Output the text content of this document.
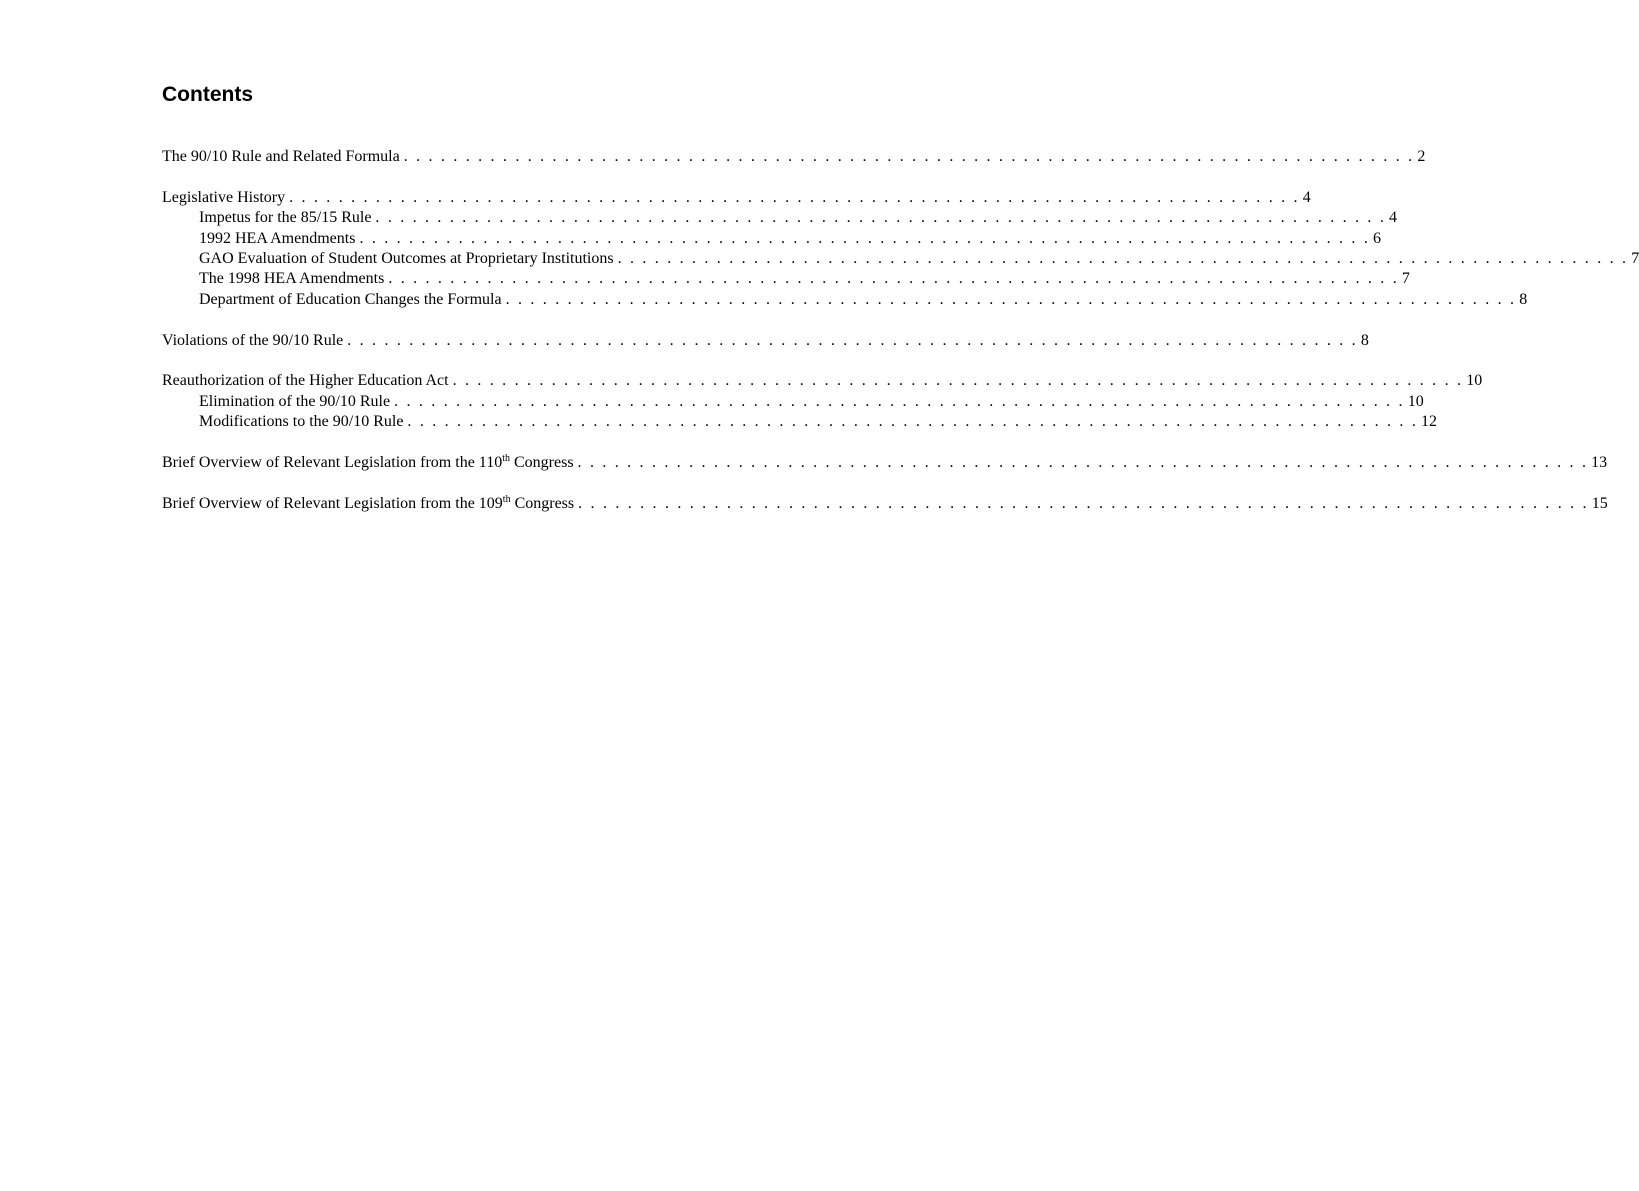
Contents
The 90/10 Rule and Related Formula . . . . . . . . . . . . . . . . . . . . . . . . . . . . . . . . . . . . . . . . . . . . . . . . . . . . . . . . . . . . . . . . . . . . . . . . . . . . . . . . . . 2
Legislative History . . . . . . . . . . . . . . . . . . . . . . . . . . . . . . . . . . . . . . . . . . . . . . . . . . . . . . . . . . . . . . . . . . . . . . . . . . . . . . . . . . 4
Impetus for the 85/15 Rule . . . . . . . . . . . . . . . . . . . . . . . . . . . . . . . . . . . . . . . . . . . . . . . . . . . . . . . . . . . . . . . . . . . . . . . . . . . . . . . . . . 4
1992 HEA Amendments . . . . . . . . . . . . . . . . . . . . . . . . . . . . . . . . . . . . . . . . . . . . . . . . . . . . . . . . . . . . . . . . . . . . . . . . . . . . . . . . . . 6
GAO Evaluation of Student Outcomes at Proprietary Institutions . . . . . . . . . . . . . . . . . . . . . . . . . . . . . . . . . . . . . . . . . . . . . . . . . . . . . . . . . . . . . . . . . . . . . . . . . . . . . . . . . . 7
The 1998 HEA Amendments . . . . . . . . . . . . . . . . . . . . . . . . . . . . . . . . . . . . . . . . . . . . . . . . . . . . . . . . . . . . . . . . . . . . . . . . . . . . . . . . . . 7
Department of Education Changes the Formula . . . . . . . . . . . . . . . . . . . . . . . . . . . . . . . . . . . . . . . . . . . . . . . . . . . . . . . . . . . . . . . . . . . . . . . . . . . . . . . . . . 8
Violations of the 90/10 Rule . . . . . . . . . . . . . . . . . . . . . . . . . . . . . . . . . . . . . . . . . . . . . . . . . . . . . . . . . . . . . . . . . . . . . . . . . . . . . . . . . . 8
Reauthorization of the Higher Education Act . . . . . . . . . . . . . . . . . . . . . . . . . . . . . . . . . . . . . . . . . . . . . . . . . . . . . . . . . . . . . . . . . . . . . . . . . . . . . . . . . . 10
Elimination of the 90/10 Rule . . . . . . . . . . . . . . . . . . . . . . . . . . . . . . . . . . . . . . . . . . . . . . . . . . . . . . . . . . . . . . . . . . . . . . . . . . . . . . . . . . 10
Modifications to the 90/10 Rule . . . . . . . . . . . . . . . . . . . . . . . . . . . . . . . . . . . . . . . . . . . . . . . . . . . . . . . . . . . . . . . . . . . . . . . . . . . . . . . . . . 12
Brief Overview of Relevant Legislation from the 110th Congress . . . . . . . . . . . . . . . . . . . . . . . . . . . . . . . . . . . . . . . . . . . . . . . . . . . . . . . . . . . . . . . . . . . . . . . . . . . . . . . . . . 13
Brief Overview of Relevant Legislation from the 109th Congress . . . . . . . . . . . . . . . . . . . . . . . . . . . . . . . . . . . . . . . . . . . . . . . . . . . . . . . . . . . . . . . . . . . . . . . . . . . . . . . . . . 15
